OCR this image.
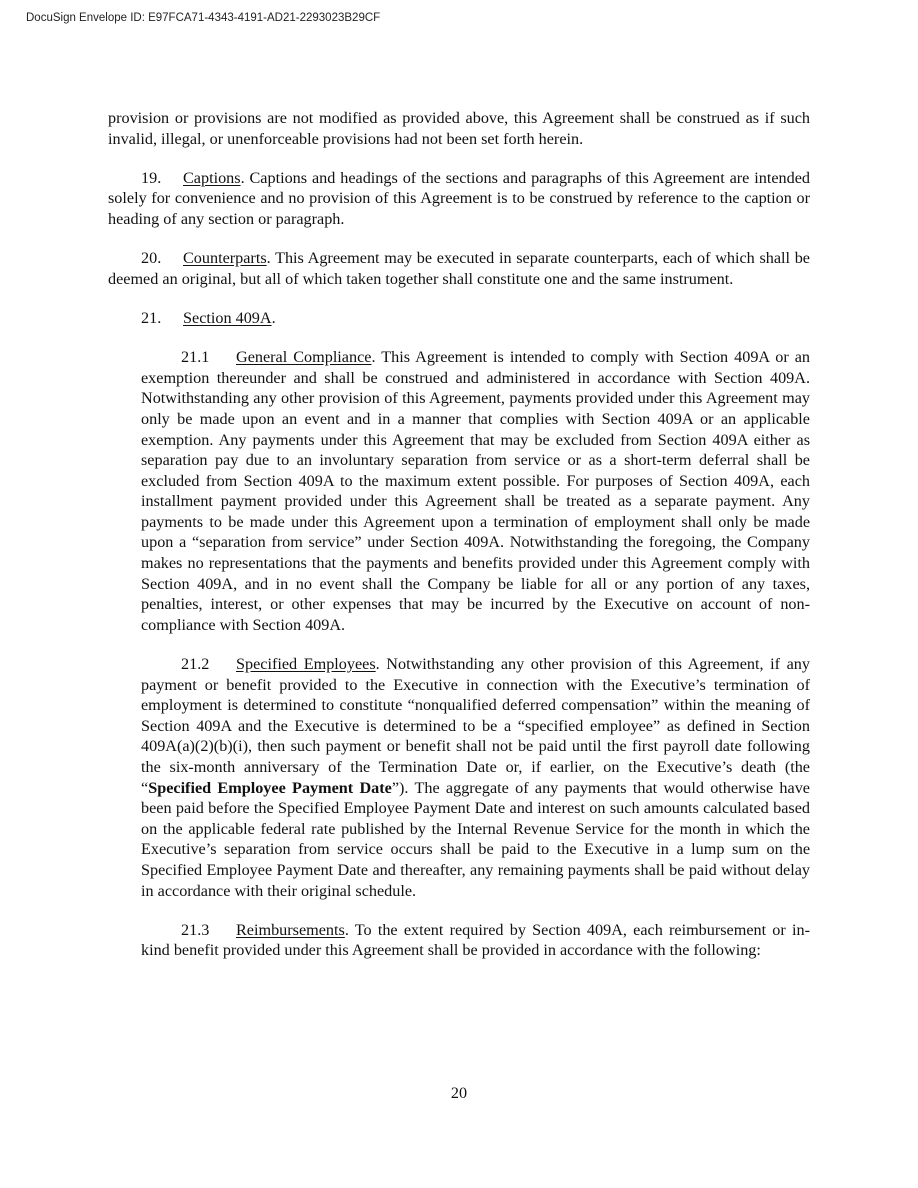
DocuSign Envelope ID: E97FCA71-4343-4191-AD21-2293023B29CF

provision or provisions are not modified as provided above, this Agreement shall be construed as if such invalid, illegal, or unenforceable provisions had not been set forth herein.

19. Captions. Captions and headings of the sections and paragraphs of this Agreement are intended solely for convenience and no provision of this Agreement is to be construed by reference to the caption or heading of any section or paragraph.

20. Counterparts. This Agreement may be executed in separate counterparts, each of which shall be deemed an original, but all of which taken together shall constitute one and the same instrument.

21. Section 409A.

21.1 General Compliance. This Agreement is intended to comply with Section 409A or an exemption thereunder and shall be construed and administered in accordance with Section 409A. Notwithstanding any other provision of this Agreement, payments provided under this Agreement may only be made upon an event and in a manner that complies with Section 409A or an applicable exemption. Any payments under this Agreement that may be excluded from Section 409A either as separation pay due to an involuntary separation from service or as a short-term deferral shall be excluded from Section 409A to the maximum extent possible. For purposes of Section 409A, each installment payment provided under this Agreement shall be treated as a separate payment. Any payments to be made under this Agreement upon a termination of employment shall only be made upon a “separation from service” under Section 409A. Notwithstanding the foregoing, the Company makes no representations that the payments and benefits provided under this Agreement comply with Section 409A, and in no event shall the Company be liable for all or any portion of any taxes, penalties, interest, or other expenses that may be incurred by the Executive on account of non-compliance with Section 409A.

21.2 Specified Employees. Notwithstanding any other provision of this Agreement, if any payment or benefit provided to the Executive in connection with the Executive’s termination of employment is determined to constitute “nonqualified deferred compensation” within the meaning of Section 409A and the Executive is determined to be a “specified employee” as defined in Section 409A(a)(2)(b)(i), then such payment or benefit shall not be paid until the first payroll date following the six-month anniversary of the Termination Date or, if earlier, on the Executive’s death (the “Specified Employee Payment Date”). The aggregate of any payments that would otherwise have been paid before the Specified Employee Payment Date and interest on such amounts calculated based on the applicable federal rate published by the Internal Revenue Service for the month in which the Executive’s separation from service occurs shall be paid to the Executive in a lump sum on the Specified Employee Payment Date and thereafter, any remaining payments shall be paid without delay in accordance with their original schedule.

21.3 Reimbursements. To the extent required by Section 409A, each reimbursement or in-kind benefit provided under this Agreement shall be provided in accordance with the following:

20
